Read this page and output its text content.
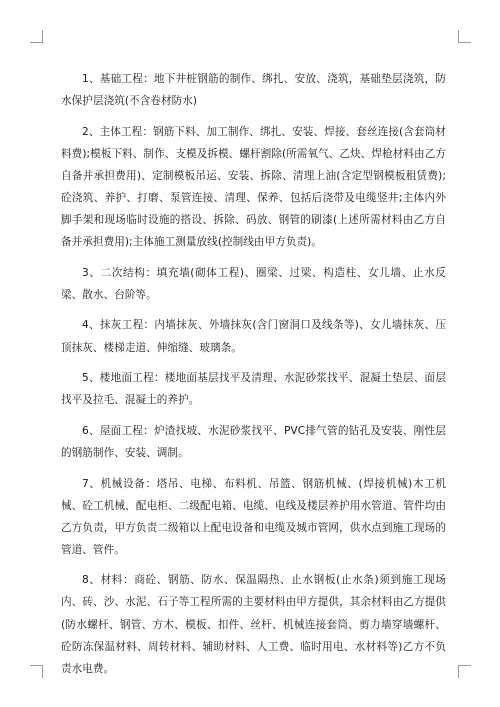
1、基础工程：地下井桩钢筋的制作、绑扎、安放、浇筑，基础垫层浇筑，防水保护层浇筑(不含卷材防水)

2、主体工程：钢筋下料、加工制作、绑扎、安装、焊接、套丝连接(含套筒材料费);模板下料、制作、支模及拆模、螺杆割除(所需氧气、乙炔、焊枪材料由乙方自备并承担费用)、定制模板吊运、安装、拆除、清理上油(含定型钢模板租赁费);砼浇筑、养护、打磨、泵管连接、清理、保养、包括后浇带及电缆竖井;主体内外脚手架和现场临时设施的搭设、拆除、码放、钢管的刷漆(上述所需材料由乙方自备并承担费用);主体施工测量放线(控制线由甲方负责)。

3、二次结构：填充墙(砌体工程)、圈梁、过梁、构造柱、女儿墙、止水反梁、散水、台阶等。

4、抹灰工程：内墙抹灰、外墙抹灰(含门窗洞口及线条等)、女儿墙抹灰、压顶抹灰、楼梯走道、伸缩缝、玻璃条。

5、楼地面工程：楼地面基层找平及清理、水泥砂浆找平、混凝土垫层、面层找平及拉毛、混凝土的养护。

6、屋面工程：炉渣找坡、水泥砂浆找平、PVC排气管的钻孔及安装、刚性层的钢筋制作、安装、调制。

7、机械设备：塔吊、电梯、布料机、吊篮、钢筋机械、(焊接机械)木工机械、砼工机械、配电柜、二级配电箱、电缆、电线及楼层养护用水管道、管件均由乙方负责，甲方负责二级箱以上配电设备和电缆及城市管网，供水点到施工现场的管道、管件。

8、材料：商砼、钢筋、防水、保温隔热、止水钢板(止水条)须到施工现场内、砖、沙、水泥、石子等工程所需的主要材料由甲方提供，其余材料由乙方提供(防水螺杆、钢管、方木、模板、扣件、丝杆、机械连接套筒、剪力墙穿墙螺杆、砼防冻保温材料、周转材料、辅助材料、人工费、临时用电、水材料等)乙方不负责水电费。
